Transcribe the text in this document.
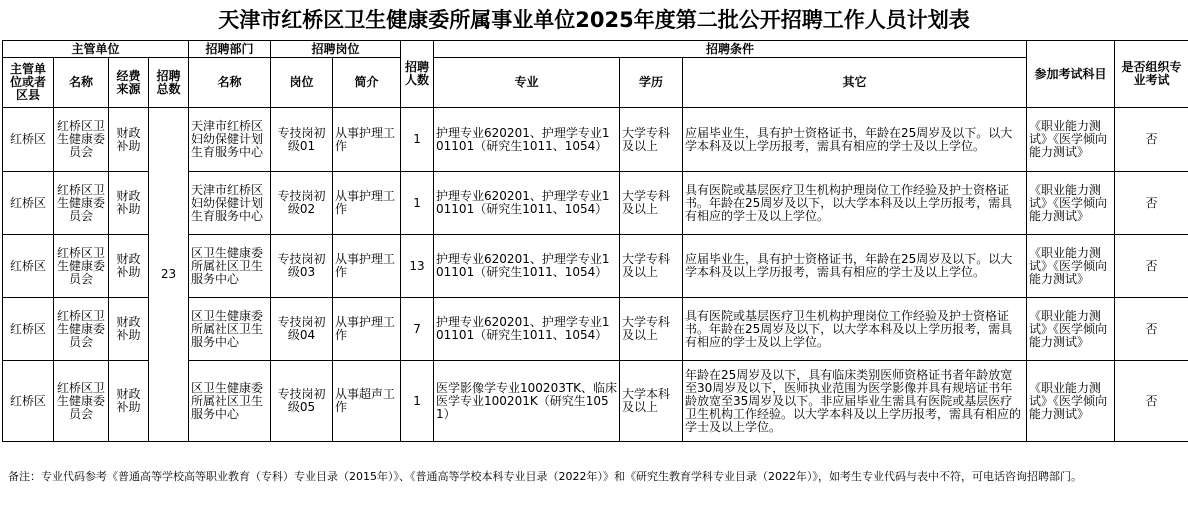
天津市红桥区卫生健康委所属事业单位2025年度第二批公开招聘工作人员计划表
主管单位				招聘部门	招聘岗位		招聘人数	招聘条件			参加考试科目	是否组织专业考试
主管单位或者区县	名称	经费来源	招聘总数	名称	岗位	简介		专业	学历	其它		
红桥区	红桥区卫生健康委员会	财政补助	23	天津市红桥区妇幼保健计划生育服务中心	专技岗初级01	从事护理工作	1	护理专业620201、护理学专业101101（研究生1011、1054）	大学专科及以上	应届毕业生，具有护士资格证书，年龄在25周岁及以下。以大学本科及以上学历报考，需具有相应的学士及以上学位。	《职业能力测试》《医学倾向能力测试》	否
红桥区	红桥区卫生健康委员会	财政补助		天津市红桥区妇幼保健计划生育服务中心	专技岗初级02	从事护理工作	1	护理专业620201、护理学专业101101（研究生1011、1054）	大学专科及以上	具有医院或基层医疗卫生机构护理岗位工作经验及护士资格证书。年龄在25周岁及以下，以大学本科及以上学历报考，需具有相应的学士及以上学位。	《职业能力测试》《医学倾向能力测试》	否
红桥区	红桥区卫生健康委员会	财政补助		区卫生健康委所属社区卫生服务中心	专技岗初级03	从事护理工作	13	护理专业620201、护理学专业101101（研究生1011、1054）	大学专科及以上	应届毕业生，具有护士资格证书，年龄在25周岁及以下。以大学本科及以上学历报考，需具有相应的学士及以上学位。	《职业能力测试》《医学倾向能力测试》	否
红桥区	红桥区卫生健康委员会	财政补助		区卫生健康委所属社区卫生服务中心	专技岗初级04	从事护理工作	7	护理专业620201、护理学专业101101（研究生1011、1054）	大学专科及以上	具有医院或基层医疗卫生机构护理岗位工作经验及护士资格证书。年龄在25周岁及以下，以大学本科及以上学历报考，需具有相应的学士及以上学位。	《职业能力测试》《医学倾向能力测试》	否
红桥区	红桥区卫生健康委员会	财政补助		区卫生健康委所属社区卫生服务中心	专技岗初级05	从事超声工作	1	医学影像学专业100203TK、临床医学专业100201K（研究生1051）	大学本科及以上	年龄在25周岁及以下，具有临床类别医师资格证书者年龄放宽至30周岁及以下，医师执业范围为医学影像并具有规培证书年龄放宽至35周岁及以下。非应届毕业生需具有医院或基层医疗卫生机构工作经验。以大学本科及以上学历报考，需具有相应的学士及以上学位。	《职业能力测试》《医学倾向能力测试》	否
备注：专业代码参考《普通高等学校高等职业教育（专科）专业目录（2015年）》、《普通高等学校本科专业目录（2022年）》和《研究生教育学科专业目录（2022年）》，如考生专业代码与表中不符，可电话咨询招聘部门。
